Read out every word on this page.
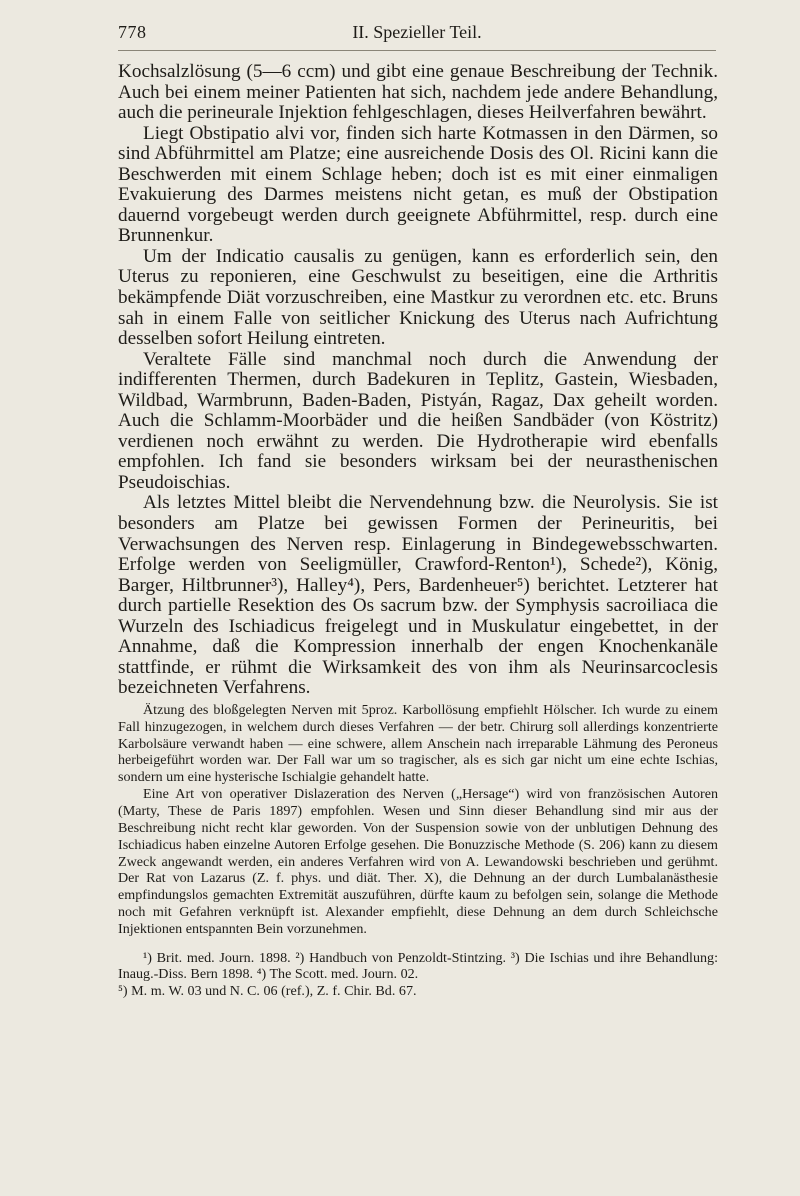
778	II. Spezieller Teil.

Kochsalzlösung (5—6 ccm) und gibt eine genaue Beschreibung der Technik. Auch bei einem meiner Patienten hat sich, nachdem jede andere Behandlung, auch die perineurale Injektion fehlgeschlagen, dieses Heilverfahren bewährt.

Liegt Obstipatio alvi vor, finden sich harte Kotmassen in den Därmen, so sind Abführmittel am Platze; eine ausreichende Dosis des Ol. Ricini kann die Beschwerden mit einem Schlage heben; doch ist es mit einer einmaligen Evakuierung des Darmes meistens nicht getan, es muß der Obstipation dauernd vorgebeugt werden durch geeignete Abführmittel, resp. durch eine Brunnenkur.

Um der Indicatio causalis zu genügen, kann es erforderlich sein, den Uterus zu reponieren, eine Geschwulst zu beseitigen, eine die Arthritis bekämpfende Diät vorzuschreiben, eine Mastkur zu verordnen etc. etc. Bruns sah in einem Falle von seitlicher Knickung des Uterus nach Aufrichtung desselben sofort Heilung eintreten.

Veraltete Fälle sind manchmal noch durch die Anwendung der indifferenten Thermen, durch Badekuren in Teplitz, Gastein, Wiesbaden, Wildbad, Warmbrunn, Baden-Baden, Pistyán, Ragaz, Dax geheilt worden. Auch die Schlamm-Moorbäder und die heißen Sandbäder (von Köstritz) verdienen noch erwähnt zu werden. Die Hydrotherapie wird ebenfalls empfohlen. Ich fand sie besonders wirksam bei der neurasthenischen Pseudoischias.

Als letztes Mittel bleibt die Nervendehnung bzw. die Neurolysis. Sie ist besonders am Platze bei gewissen Formen der Perineuritis, bei Verwachsungen des Nerven resp. Einlagerung in Bindegewebsschwarten. Erfolge werden von Seeligmüller, Crawford-Renton¹), Schede²), König, Barger, Hiltbrunner³), Halley⁴), Pers, Bardenheuer⁵) berichtet. Letzterer hat durch partielle Resektion des Os sacrum bzw. der Symphysis sacroiliaca die Wurzeln des Ischiadicus freigelegt und in Muskulatur eingebettet, in der Annahme, daß die Kompression innerhalb der engen Knochenkanäle stattfinde, er rühmt die Wirksamkeit des von ihm als Neurinsarcoclesis bezeichneten Verfahrens.

Ätzung des bloßgelegten Nerven mit 5proz. Karbollösung empfiehlt Hölscher. Ich wurde zu einem Fall hinzugezogen, in welchem durch dieses Verfahren — der betr. Chirurg soll allerdings konzentrierte Karbolsäure verwandt haben — eine schwere, allem Anschein nach irreparable Lähmung des Peroneus herbeigeführt worden war. Der Fall war um so tragischer, als es sich gar nicht um eine echte Ischias, sondern um eine hysterische Ischialgie gehandelt hatte.

Eine Art von operativer Dislazeration des Nerven („Hersage“) wird von französischen Autoren (Marty, These de Paris 1897) empfohlen. Wesen und Sinn dieser Behandlung sind mir aus der Beschreibung nicht recht klar geworden. Von der Suspension sowie von der unblutigen Dehnung des Ischiadicus haben einzelne Autoren Erfolge gesehen. Die Bonuzzische Methode (S. 206) kann zu diesem Zweck angewandt werden, ein anderes Verfahren wird von A. Lewandowski beschrieben und gerühmt. Der Rat von Lazarus (Z. f. phys. und diät. Ther. X), die Dehnung an der durch Lumbalanästhesie empfindungslos gemachten Extremität auszuführen, dürfte kaum zu befolgen sein, solange die Methode noch mit Gefahren verknüpft ist. Alexander empfiehlt, diese Dehnung an dem durch Schleichsche Injektionen entspannten Bein vorzunehmen.

¹) Brit. med. Journ. 1898. ²) Handbuch von Penzoldt-Stintzing. ³) Die Ischias und ihre Behandlung: Inaug.-Diss. Bern 1898. ⁴) The Scott. med. Journ. 02.

⁵) M. m. W. 03 und N. C. 06 (ref.), Z. f. Chir. Bd. 67.
